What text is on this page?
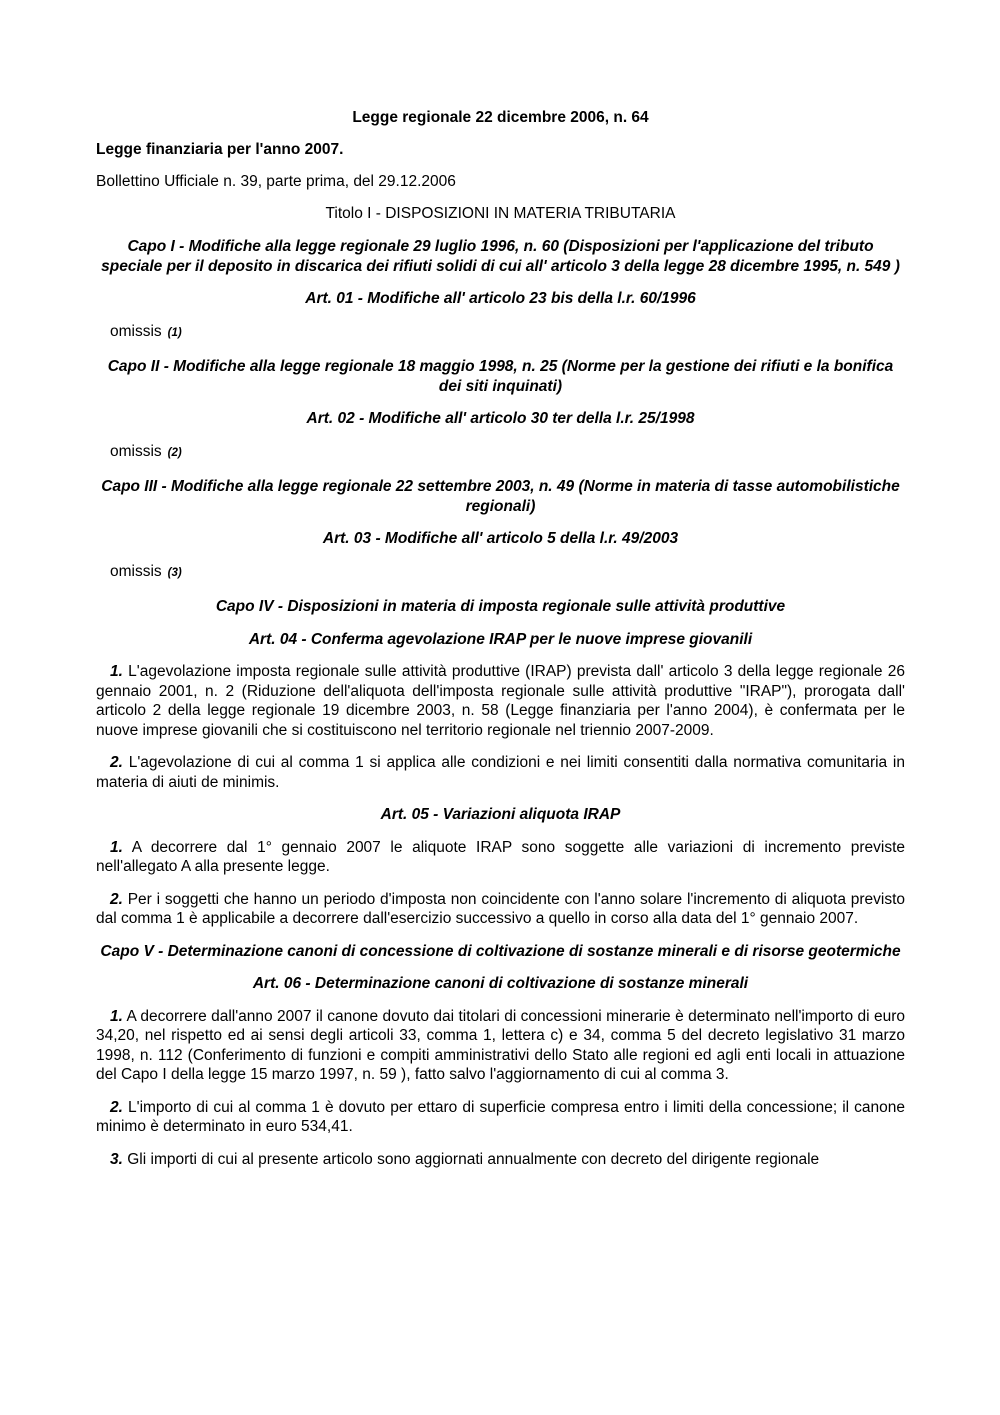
Legge regionale 22 dicembre 2006, n. 64

Legge finanziaria per l'anno 2007.

Bollettino Ufficiale n. 39, parte prima, del 29.12.2006

Titolo I - DISPOSIZIONI IN MATERIA TRIBUTARIA

Capo I - Modifiche alla legge regionale 29 luglio 1996, n. 60 (Disposizioni per l'applicazione del tributo speciale per il deposito in discarica dei rifiuti solidi di cui all' articolo 3 della legge 28 dicembre 1995, n. 549 )

Art. 01 - Modifiche all' articolo 23 bis della l.r. 60/1996

omissis (1)

Capo II - Modifiche alla legge regionale 18 maggio 1998, n. 25 (Norme per la gestione dei rifiuti e la bonifica dei siti inquinati)

Art. 02 - Modifiche all' articolo 30 ter della l.r. 25/1998

omissis (2)

Capo III - Modifiche alla legge regionale 22 settembre 2003, n. 49 (Norme in materia di tasse automobilistiche regionali)

Art. 03 - Modifiche all' articolo 5 della l.r. 49/2003

omissis (3)

Capo IV - Disposizioni in materia di imposta regionale sulle attività produttive

Art. 04 - Conferma agevolazione IRAP per le nuove imprese giovanili

1. L'agevolazione imposta regionale sulle attività produttive (IRAP) prevista dall' articolo 3 della legge regionale 26 gennaio 2001, n. 2 (Riduzione dell'aliquota dell'imposta regionale sulle attività produttive "IRAP"), prorogata dall' articolo 2 della legge regionale 19 dicembre 2003, n. 58 (Legge finanziaria per l'anno 2004), è confermata per le nuove imprese giovanili che si costituiscono nel territorio regionale nel triennio 2007-2009.

2. L'agevolazione di cui al comma 1 si applica alle condizioni e nei limiti consentiti dalla normativa comunitaria in materia di aiuti de minimis.

Art. 05 - Variazioni aliquota IRAP

1. A decorrere dal 1° gennaio 2007 le aliquote IRAP sono soggette alle variazioni di incremento previste nell'allegato A alla presente legge.

2. Per i soggetti che hanno un periodo d'imposta non coincidente con l'anno solare l'incremento di aliquota previsto dal comma 1 è applicabile a decorrere dall'esercizio successivo a quello in corso alla data del 1° gennaio 2007.

Capo V - Determinazione canoni di concessione di coltivazione di sostanze minerali e di risorse geotermiche

Art. 06 - Determinazione canoni di coltivazione di sostanze minerali

1. A decorrere dall'anno 2007 il canone dovuto dai titolari di concessioni minerarie è determinato nell'importo di euro 34,20, nel rispetto ed ai sensi degli articoli 33, comma 1, lettera c) e 34, comma 5 del decreto legislativo 31 marzo 1998, n. 112 (Conferimento di funzioni e compiti amministrativi dello Stato alle regioni ed agli enti locali in attuazione del Capo I della legge 15 marzo 1997, n. 59 ), fatto salvo l'aggiornamento di cui al comma 3.

2. L'importo di cui al comma 1 è dovuto per ettaro di superficie compresa entro i limiti della concessione; il canone minimo è determinato in euro 534,41.

3. Gli importi di cui al presente articolo sono aggiornati annualmente con decreto del dirigente regionale
